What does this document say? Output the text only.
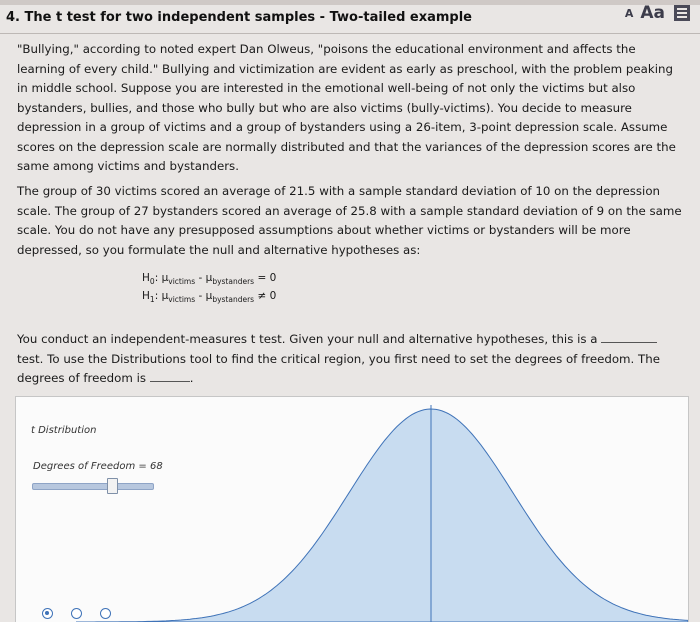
4. The t test for two independent samples - Two-tailed example	A Aa

"Bullying," according to noted expert Dan Olweus, "poisons the educational environment and affects the learning of every child." Bullying and victimization are evident as early as preschool, with the problem peaking in middle school. Suppose you are interested in the emotional well-being of not only the victims but also bystanders, bullies, and those who bully but who are also victims (bully-victims). You decide to measure depression in a group of victims and a group of bystanders using a 26-item, 3-point depression scale. Assume scores on the depression scale are normally distributed and that the variances of the depression scores are the same among victims and bystanders.

The group of 30 victims scored an average of 21.5 with a sample standard deviation of 10 on the depression scale. The group of 27 bystanders scored an average of 25.8 with a sample standard deviation of 9 on the same scale. You do not have any presupposed assumptions about whether victims or bystanders will be more depressed, so you formulate the null and alternative hypotheses as:

$H_0$: $\mu_{victims} - \mu_{bystanders} = 0$
$H_1$: $\mu_{victims} - \mu_{bystanders} \ne 0$

You conduct an independent-measures t test. Given your null and alternative hypotheses, this is a  test. To use the Distributions tool to find the critical region, you first need to set the degrees of freedom. The degrees of freedom is	.

t Distribution
Degrees of Freedom = 68
